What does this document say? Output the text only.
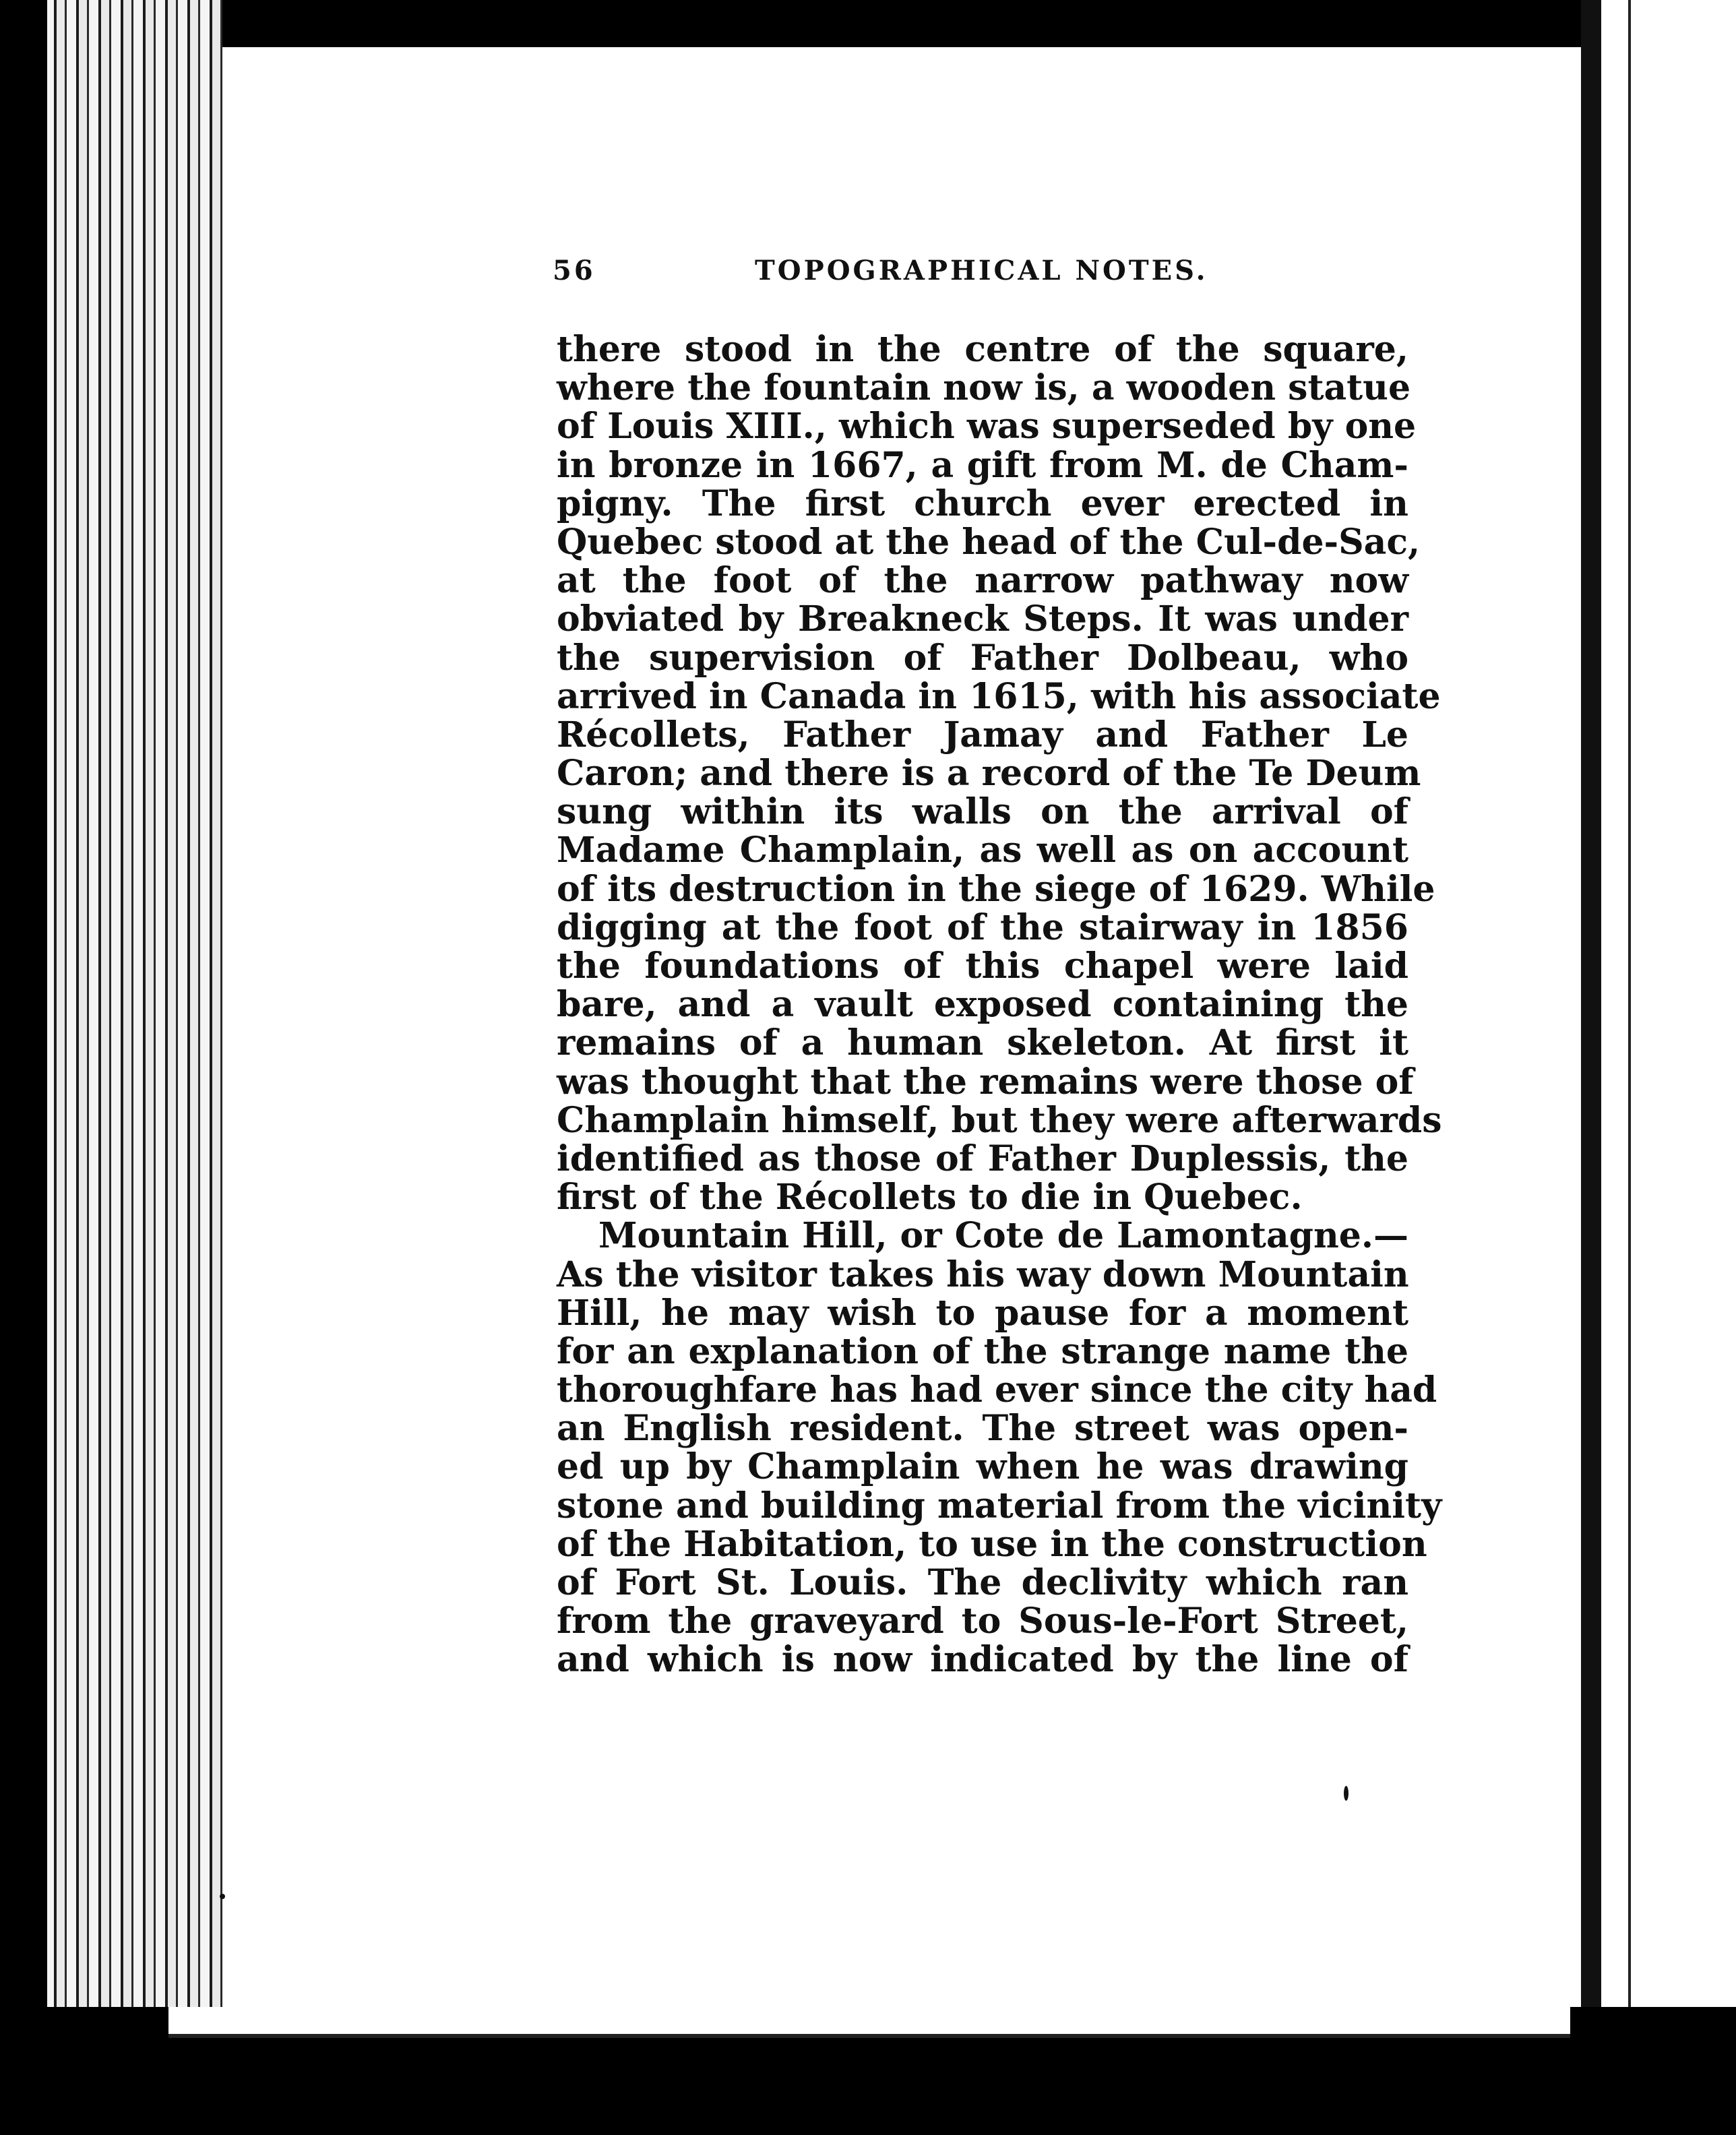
56	TOPOGRAPHICAL NOTES.
there stood in the centre of the square,
where the fountain now is, a wooden statue
of Louis XIII., which was superseded by one
in bronze in 1667, a gift from M. de Cham-
pigny. The first church ever erected in
Quebec stood at the head of the Cul-de-Sac,
at the foot of the narrow pathway now
obviated by Breakneck Steps. It was under
the supervision of Father Dolbeau, who
arrived in Canada in 1615, with his associate
Récollets, Father Jamay and Father Le
Caron; and there is a record of the Te Deum
sung within its walls on the arrival of
Madame Champlain, as well as on account
of its destruction in the siege of 1629. While
digging at the foot of the stairway in 1856
the foundations of this chapel were laid
bare, and a vault exposed containing the
remains of a human skeleton. At first it
was thought that the remains were those of
Champlain himself, but they were afterwards
identified as those of Father Duplessis, the
first of the Récollets to die in Quebec.
Mountain Hill, or Cote de Lamontagne.—
As the visitor takes his way down Mountain
Hill, he may wish to pause for a moment
for an explanation of the strange name the
thoroughfare has had ever since the city had
an English resident. The street was open-
ed up by Champlain when he was drawing
stone and building material from the vicinity
of the Habitation, to use in the construction
of Fort St. Louis. The declivity which ran
from the graveyard to Sous-le-Fort Street,
and which is now indicated by the line of
